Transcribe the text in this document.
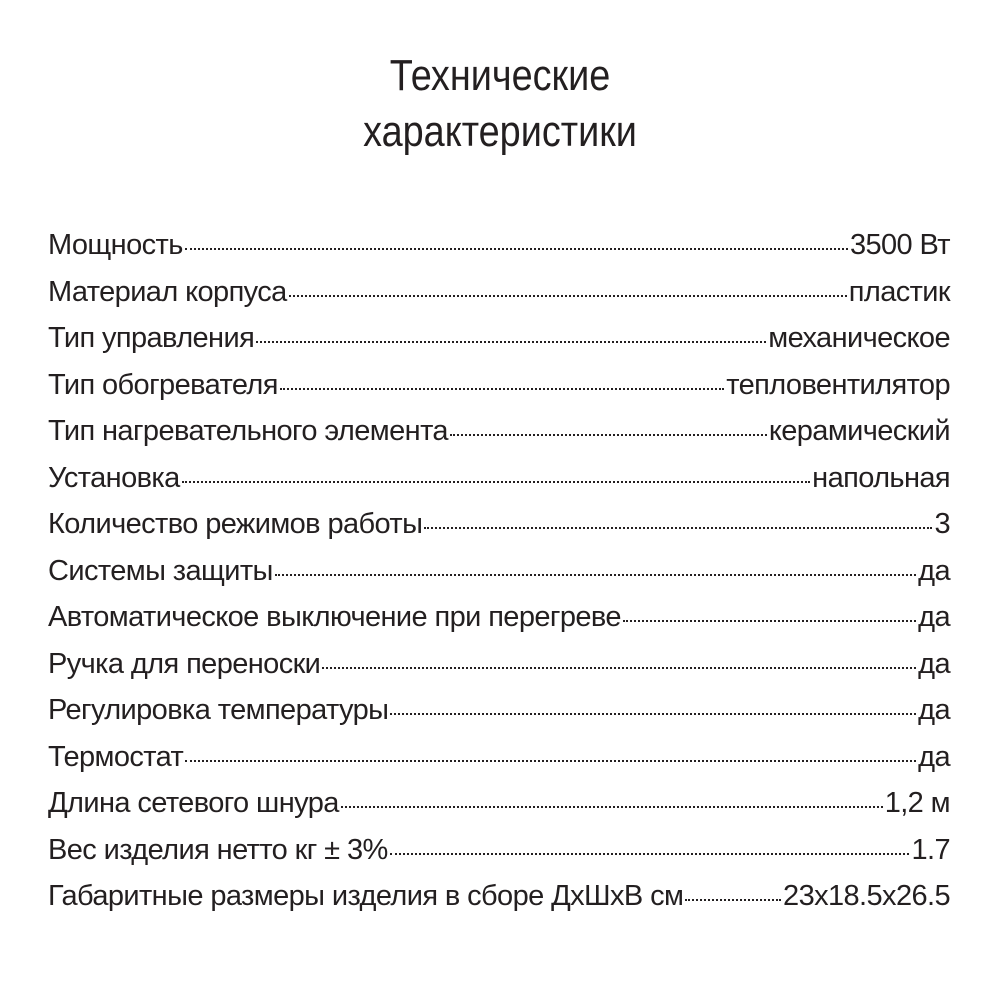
Технические
характеристики
Мощность	3500 Вт
Материал корпуса	пластик
Тип управления	механическое
Тип обогревателя	тепловентилятор
Тип нагревательного элемента	керамический
Установка	напольная
Количество режимов работы	3
Системы защиты	да
Автоматическое выключение при перегреве	да
Ручка для переноски	да
Регулировка температуры	да
Термостат	да
Длина сетевого шнура	1,2 м
Вес изделия нетто кг ± 3%	1.7
Габаритные размеры изделия в сборе ДхШхВ см	23x18.5x26.5
